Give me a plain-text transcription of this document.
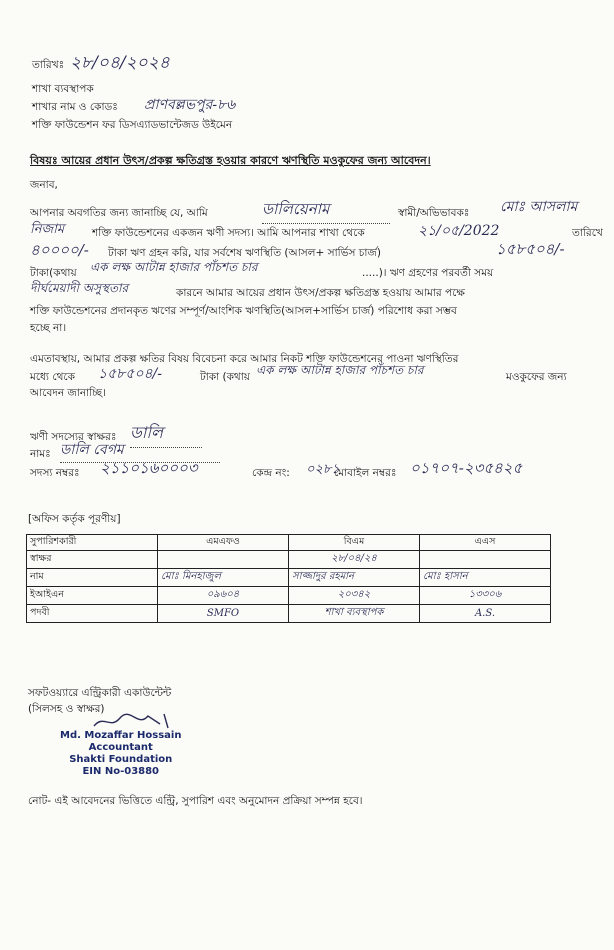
তারিখঃ ২৮/০৪/২০২৪
শাখা ব্যবস্থাপক
শাখার নাম ও কোডঃ প্রাণবল্লভপুর-৮৬
শক্তি ফাউন্ডেশন ফর ডিসএ্যাডভান্টেজড উইমেন
বিষয়ঃ আয়ের প্রধান উৎস/প্রকল্প ক্ষতিগ্রস্ত হওয়ার কারণে ঋণস্থিতি মওকুফের জন্য আবেদন।
জনাব,
আপনার অবগতির জন্য জানাচ্ছি যে, আমি	ডালিয়েনাম	স্বামী/অভিভাবকঃ মোঃ আসলাম
নিজাম	শক্তি ফাউন্ডেশনের একজন ঋণী সদস্য। আমি আপনার শাখা থেকে	২১/০৫/2022	তারিখে
৪০০০০/- টাকা ঋণ গ্রহন করি, যার সর্বশেষ ঋণস্থিতি (আসল+ সার্ভিস চার্জ)	১৫৮৫০৪/-
টাকা(কথায় এক লক্ষ আটান্ন হাজার পাঁচশত চার	.....)। ঋণ গ্রহণের পরবর্তী সময়
দীর্ঘমেয়াদী অসুস্থতার	কারনে আমার আয়ের প্রধান উৎস/প্রকল্প ক্ষতিগ্রস্ত হওয়ায় আমার পক্ষে
শক্তি ফাউন্ডেশনের প্রদানকৃত ঋণের সম্পূর্ণ/আংশিক ঋণস্থিতি(আসল+সার্ভিস চার্জ) পরিশোধ করা সম্ভব
হচ্ছে না।
এমতাবস্থায়, আমার প্রকল্প ক্ষতির বিষয় বিবেচনা করে আমার নিকট শক্তি ফাউন্ডেশনের পাওনা ঋণস্থিতির
মধ্যে থেকে ১৫৮৫০৪/-	টাকা (কথায় এক লক্ষ আটান্ন হাজার পাঁচশত চার	মওকুফের জন্য
আবেদন জানাচ্ছি।
ঋণী সদস্যের স্বাক্ষরঃ ডালি
নামঃ ডালি বেগম
সদস্য নম্বরঃ ২১১০১৬০০০৩	কেন্দ্র নং: ০২৮১
মোবাইল নম্বরঃ ০১৭০৭-২৩৫৪২৫
[অফিস কর্তৃক পূরণীয়]
সুপারিশকারী	এমএফও	বিএম	এএস
স্বাক্ষর		২৮/০৪/২৪	
নাম	মোঃ মিনহাজুল	সাজ্জাদুর রহমান	মোঃ হাসান
ইআইএন	০৯৬০৪	২০৩৪২	১৩৩০৬
পদবী	SMFO	শাখা ব্যবস্থাপক	A.S.
সফটওয়্যারে এন্ট্রিকারী একাউন্টেন্ট
(সিলসহ ও স্বাক্ষর)
Md. Mozaffar Hossain
Accountant
Shakti Foundation
EIN No-03880
নোট- এই আবেদনের ভিত্তিতে এন্ট্রি, সুপারিশ এবং অনুমোদন প্রক্রিয়া সম্পন্ন হবে।
